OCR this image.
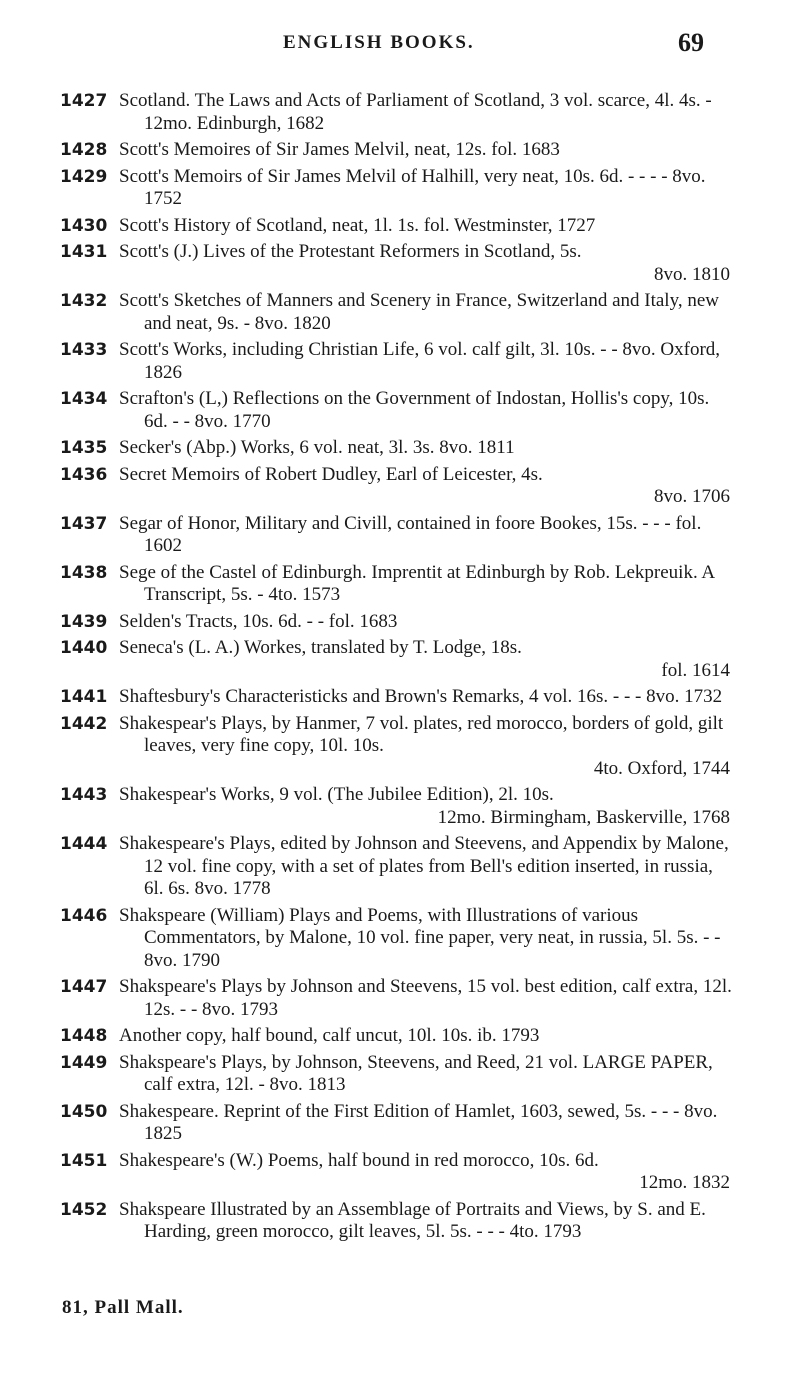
ENGLISH BOOKS.	69
1427 Scotland. The Laws and Acts of Parliament of Scotland, 3 vol. scarce, 4l. 4s. - 12mo. Edinburgh, 1682
1428 Scott's Memoires of Sir James Melvil, neat, 12s. fol. 1683
1429 Scott's Memoirs of Sir James Melvil of Halhill, very neat, 10s. 6d. - - - - 8vo. 1752
1430 Scott's History of Scotland, neat, 1l. 1s. fol. Westminster, 1727
1431 Scott's (J.) Lives of the Protestant Reformers in Scotland, 5s.
8vo. 1810
1432 Scott's Sketches of Manners and Scenery in France, Switzerland and Italy, new and neat, 9s. - 8vo. 1820
1433 Scott's Works, including Christian Life, 6 vol. calf gilt, 3l. 10s. - - 8vo. Oxford, 1826
1434 Scrafton's (L,) Reflections on the Government of Indostan, Hollis's copy, 10s. 6d. - - 8vo. 1770
1435 Secker's (Abp.) Works, 6 vol. neat, 3l. 3s. 8vo. 1811
1436 Secret Memoirs of Robert Dudley, Earl of Leicester, 4s.
8vo. 1706
1437 Segar of Honor, Military and Civill, contained in foore Bookes, 15s. - - - fol. 1602
1438 Sege of the Castel of Edinburgh. Imprentit at Edinburgh by Rob. Lekpreuik. A Transcript, 5s. - 4to. 1573
1439 Selden's Tracts, 10s. 6d. - - fol. 1683
1440 Seneca's (L. A.) Workes, translated by T. Lodge, 18s.
fol. 1614
1441 Shaftesbury's Characteristicks and Brown's Remarks, 4 vol. 16s. - - - 8vo. 1732
1442 Shakespear's Plays, by Hanmer, 7 vol. plates, red morocco, borders of gold, gilt leaves, very fine copy, 10l. 10s.
4to. Oxford, 1744
1443 Shakespear's Works, 9 vol. (The Jubilee Edition), 2l. 10s.
12mo. Birmingham, Baskerville, 1768
1444 Shakespeare's Plays, edited by Johnson and Steevens, and Appendix by Malone, 12 vol. fine copy, with a set of plates from Bell's edition inserted, in russia, 6l. 6s. 8vo. 1778
1446 Shakspeare (William) Plays and Poems, with Illustrations of various Commentators, by Malone, 10 vol. fine paper, very neat, in russia, 5l. 5s. - - 8vo. 1790
1447 Shakspeare's Plays by Johnson and Steevens, 15 vol. best edition, calf extra, 12l. 12s. - - 8vo. 1793
1448 Another copy, half bound, calf uncut, 10l. 10s. ib. 1793
1449 Shakspeare's Plays, by Johnson, Steevens, and Reed, 21 vol. LARGE PAPER, calf extra, 12l. - 8vo. 1813
1450 Shakespeare. Reprint of the First Edition of Hamlet, 1603, sewed, 5s. - - - 8vo. 1825
1451 Shakespeare's (W.) Poems, half bound in red morocco, 10s. 6d.
12mo. 1832
1452 Shakspeare Illustrated by an Assemblage of Portraits and Views, by S. and E. Harding, green morocco, gilt leaves, 5l. 5s. - - - 4to. 1793
81, Pall Mall.
